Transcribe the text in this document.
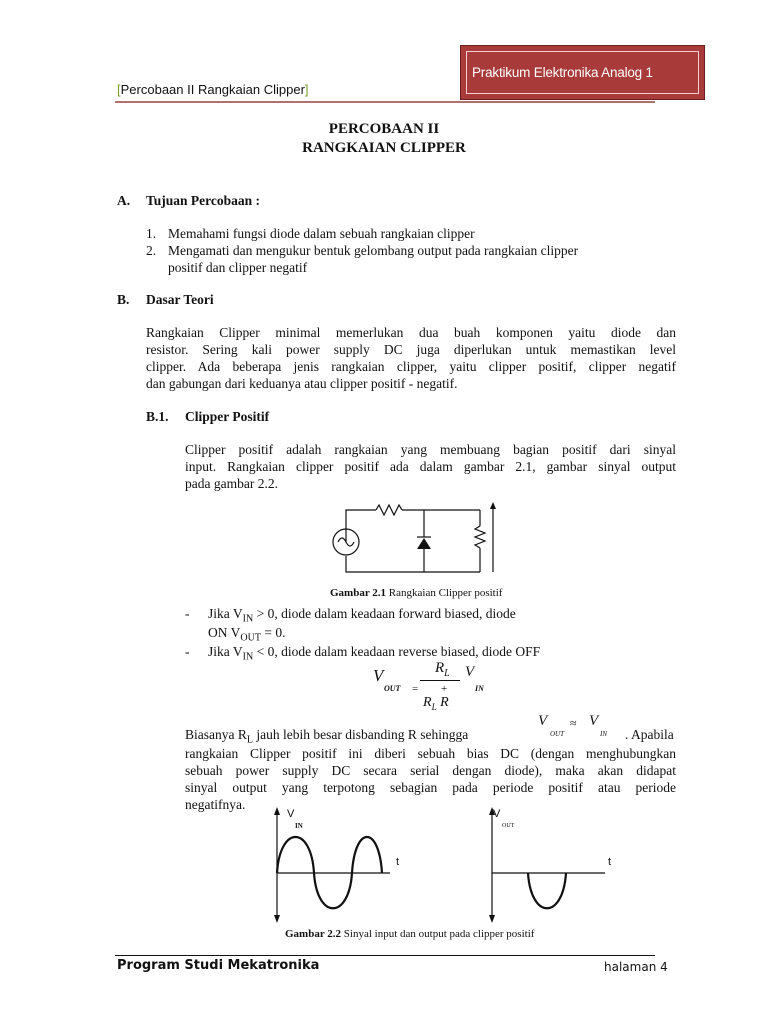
Praktikum Elektronika Analog 1
[Percobaan II Rangkaian Clipper]
PERCOBAAN II
RANGKAIAN CLIPPER
A. Tujuan Percobaan :
1. Memahami fungsi diode dalam sebuah rangkaian clipper
2. Mengamati dan mengukur bentuk gelombang output pada rangkaian clipper
positif dan clipper negatif
B. Dasar Teori
Rangkaian Clipper minimal memerlukan dua buah komponen yaitu diode dan
resistor. Sering kali power supply DC juga diperlukan untuk memastikan level
clipper. Ada beberapa jenis rangkaian clipper, yaitu clipper positif, clipper negatif
dan gabungan dari keduanya atau clipper positif - negatif.
B.1. Clipper Positif
Clipper positif adalah rangkaian yang membuang bagian positif dari sinyal
input. Rangkaian clipper positif ada dalam gambar 2.1, gambar sinyal output
pada gambar 2.2.
Gambar 2.1 Rangkaian Clipper positif
- Jika $V_{IN} > 0$, diode dalam keadaan forward biased, diode
ON $V_{OUT} = 0$.
- Jika $V_{IN} < 0$, diode dalam keadaan reverse biased, diode OFF
V
OUT =
$R_L$
+
$R_L$ R
V
IN
Biasanya $R_L$ jauh lebih besar disbanding R sehingga
V
OUT
≈ V
IN . Apabila
rangkaian Clipper positif ini diberi sebuah bias DC (dengan menghubungkan
sebuah power supply DC secara serial dengan diode), maka akan didapat
sinyal output yang terpotong sebagian pada periode positif atau periode
negatifnya.
V
IN
t
V
OUT
t
Gambar 2.2 Sinyal input dan output pada clipper positif
Program Studi Mekatronika	halaman 4
